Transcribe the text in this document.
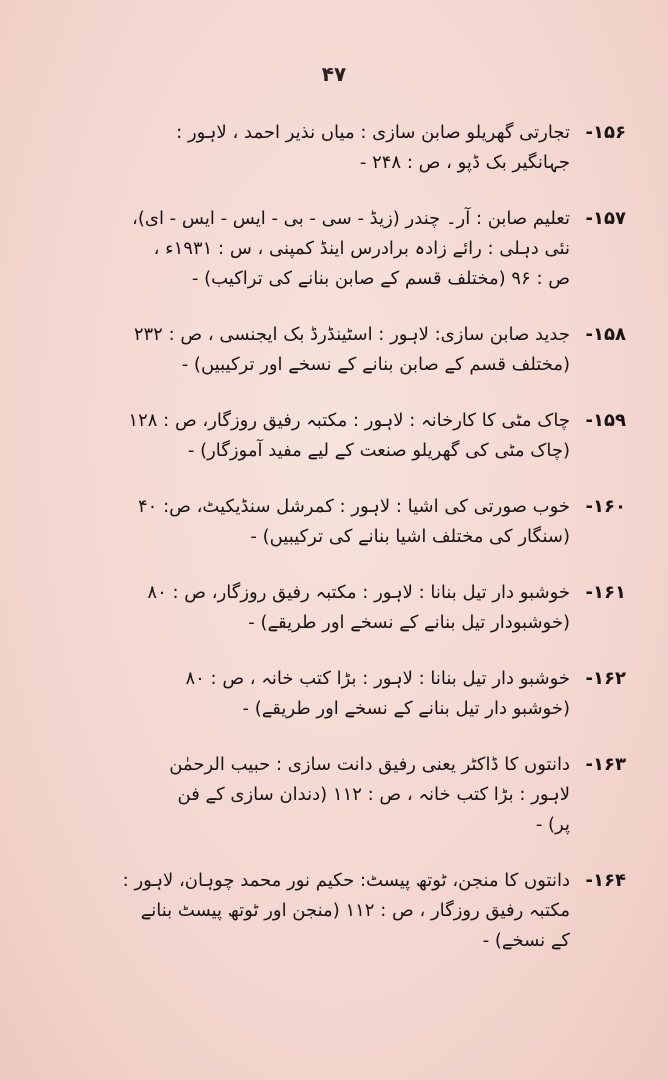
۴۷
۱۵۶-
تجارتی گھریلو صابن سازی : میاں نذیر احمد ، لاہور :
جہانگیر بک ڈپو ، ص : ۲۴۸ -
۱۵۷-
تعلیم صابن : آر۔ چندر (زیڈ - سی - بی - ایس - ایس - ای)،
نئی دہلی : رائے زادہ برادرس اینڈ کمپنی ، س : ۱۹۳۱ء ،
ص : ۹۶ (مختلف قسم کے صابن بنانے کی تراکیب) -
۱۵۸-
جدید صابن سازی: لاہور : اسٹینڈرڈ بک ایجنسی ، ص : ۲۳۲
(مختلف قسم کے صابن بنانے کے نسخے اور ترکیبیں) -
۱۵۹-
چاک مٹی کا کارخانہ : لاہور : مکتبہ رفیق روزگار، ص : ۱۲۸
(چاک مٹی کی گھریلو صنعت کے لیے مفید آموزگار) -
۱۶۰-
خوب صورتی کی اشیا : لاہور : کمرشل سنڈیکیٹ، ص: ۴۰
(سنگار کی مختلف اشیا بنانے کی ترکیبیں) -
۱۶۱-
خوشبو دار تیل بنانا : لاہور : مکتبہ رفیق روزگار، ص : ۸۰
(خوشبودار تیل بنانے کے نسخے اور طریقے) -
۱۶۲-
خوشبو دار تیل بنانا : لاہور : بڑا کتب خانہ ، ص : ۸۰
(خوشبو دار تیل بنانے کے نسخے اور طریقے) -
۱۶۳-
دانتوں کا ڈاکٹر یعنی رفیق دانت سازی : حبیب الرحمٰن
لاہور : بڑا کتب خانہ ، ص : ۱۱۲ (دندان سازی کے فن
پر) -
۱۶۴-
دانتوں کا منجن، ٹوتھ پیسٹ: حکیم نور محمد چوہان، لاہور :
مکتبہ رفیق روزگار ، ص : ۱۱۲ (منجن اور ٹوتھ پیسٹ بنانے
کے نسخے) -
